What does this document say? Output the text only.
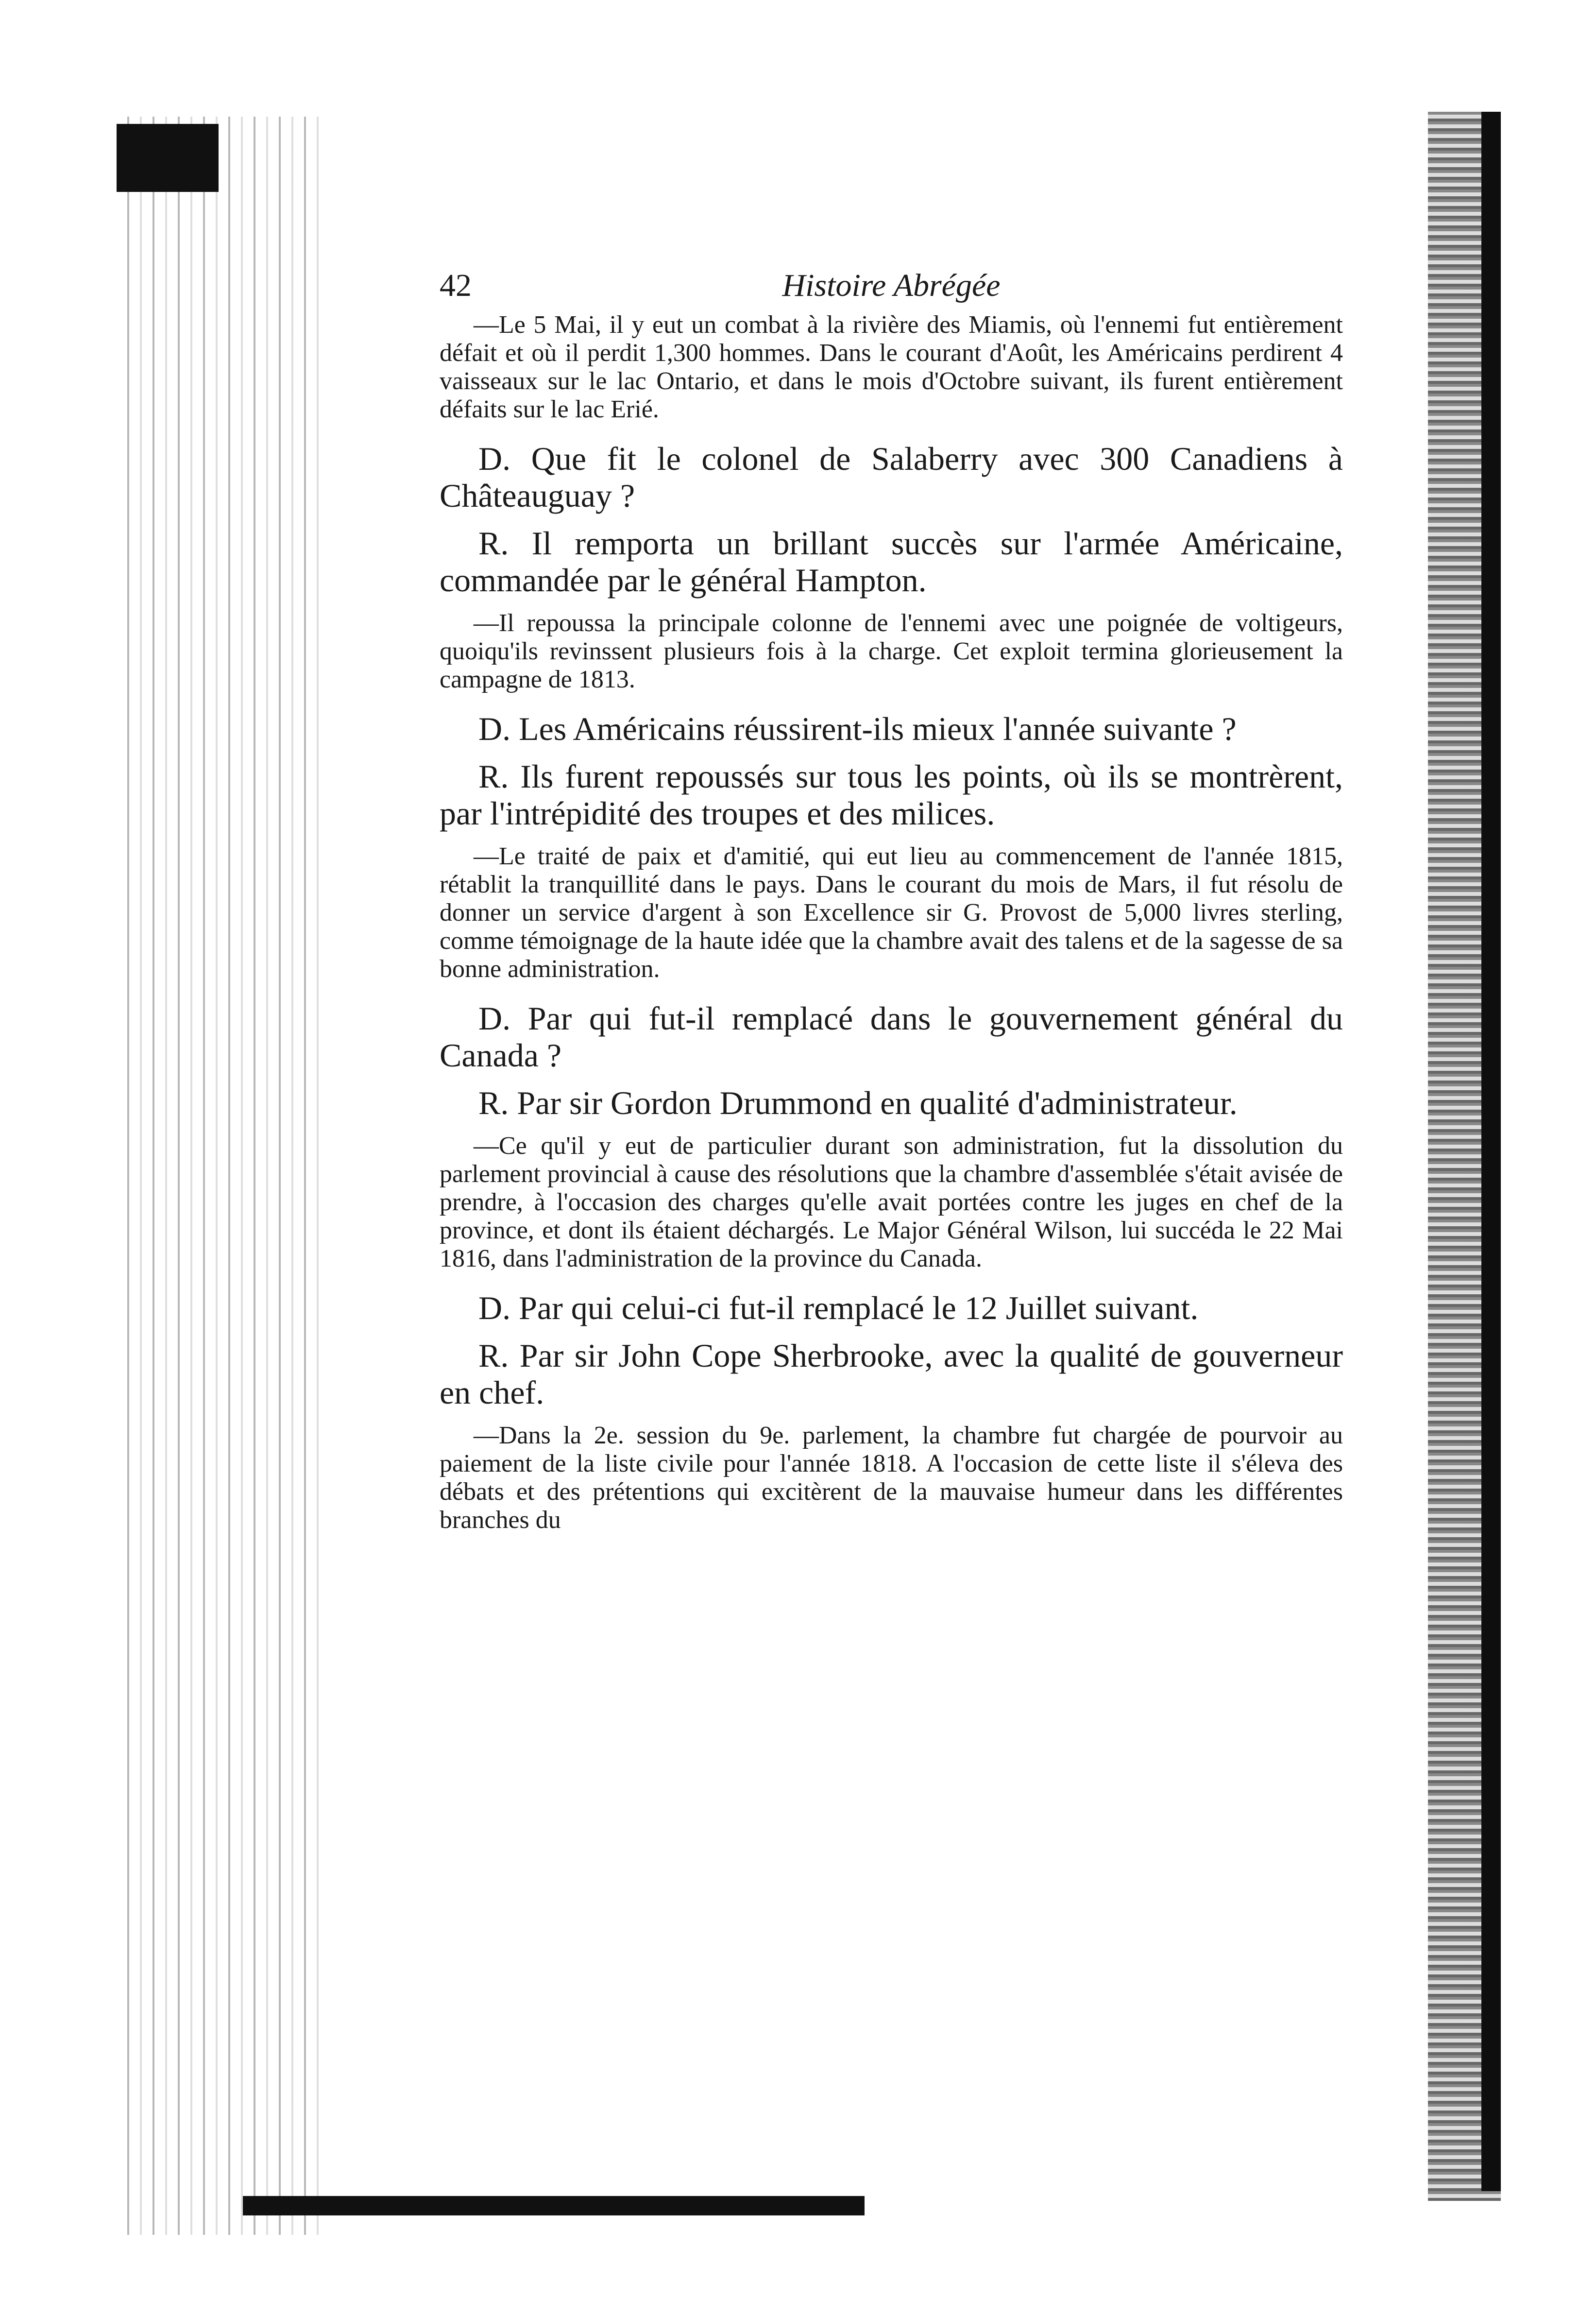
42	Histoire Abrégée

—Le 5 Mai, il y eut un combat à la rivière des Miamis, où l'ennemi fut entièrement défait et où il perdit 1,300 hommes. Dans le courant d'Août, les Américains perdirent 4 vaisseaux sur le lac Ontario, et dans le mois d'Octobre suivant, ils furent entièrement défaits sur le lac Erié.

D. Que fit le colonel de Salaberry avec 300 Canadiens à Châteauguay ?

R. Il remporta un brillant succès sur l'armée Américaine, commandée par le général Hampton.

—Il repoussa la principale colonne de l'ennemi avec une poignée de voltigeurs, quoiqu'ils revinssent plusieurs fois à la charge. Cet exploit termina glorieusement la campagne de 1813.

D. Les Américains réussirent-ils mieux l'année suivante ?

R. Ils furent repoussés sur tous les points, où ils se montrèrent, par l'intrépidité des troupes et des milices.

—Le traité de paix et d'amitié, qui eut lieu au commencement de l'année 1815, rétablit la tranquillité dans le pays. Dans le courant du mois de Mars, il fut résolu de donner un service d'argent à son Excellence sir G. Provost de 5,000 livres sterling, comme témoignage de la haute idée que la chambre avait des talens et de la sagesse de sa bonne administration.

D. Par qui fut-il remplacé dans le gouvernement général du Canada ?

R. Par sir Gordon Drummond en qualité d'administrateur.

—Ce qu'il y eut de particulier durant son administration, fut la dissolution du parlement provincial à cause des résolutions que la chambre d'assemblée s'était avisée de prendre, à l'occasion des charges qu'elle avait portées contre les juges en chef de la province, et dont ils étaient déchargés. Le Major Général Wilson, lui succéda le 22 Mai 1816, dans l'administration de la province du Canada.

D. Par qui celui-ci fut-il remplacé le 12 Juillet suivant.

R. Par sir John Cope Sherbrooke, avec la qualité de gouverneur en chef.

—Dans la 2e. session du 9e. parlement, la chambre fut chargée de pourvoir au paiement de la liste civile pour l'année 1818. A l'occasion de cette liste il s'éleva des débats et des prétentions qui excitèrent de la mauvaise humeur dans les différentes branches du
